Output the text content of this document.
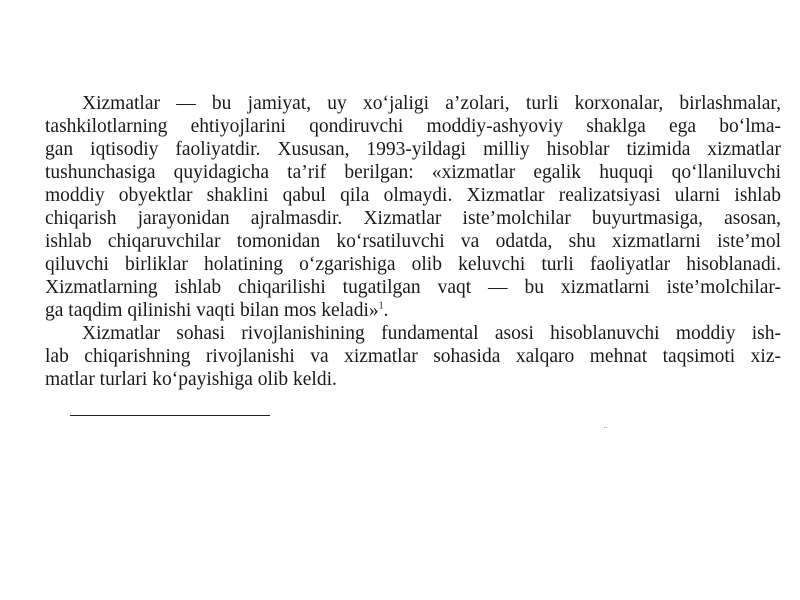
Xizmatlar — bu jamiyat, uy xo‘jaligi a’zolari, turli korxonalar, birlashmalar,
tashkilotlarning ehtiyojlarini qondiruvchi moddiy-ashyoviy shaklga ega bo‘lma-
gan iqtisodiy faoliyatdir. Xususan, 1993-yildagi milliy hisoblar tizimida xizmatlar
tushunchasiga quyidagicha ta’rif berilgan: «xizmatlar egalik huquqi qo‘llaniluvchi
moddiy obyektlar shaklini qabul qila olmaydi. Xizmatlar realizatsiyasi ularni ishlab
chiqarish jarayonidan ajralmasdir. Xizmatlar iste’molchilar buyurtmasiga, asosan,
ishlab chiqaruvchilar tomonidan ko‘rsatiluvchi va odatda, shu xizmatlarni iste’mol
qiluvchi birliklar holatining o‘zgarishiga olib keluvchi turli faoliyatlar hisoblanadi.
Xizmatlarning ishlab chiqarilishi tugatilgan vaqt — bu xizmatlarni iste’molchilar-
ga taqdim qilinishi vaqti bilan mos keladi»$^1$.
Xizmatlar sohasi rivojlanishining fundamental asosi hisoblanuvchi moddiy ish-
lab chiqarishning rivojlanishi va xizmatlar sohasida xalqaro mehnat taqsimoti xiz-
matlar turlari ko‘payishiga olib keldi.
¨
